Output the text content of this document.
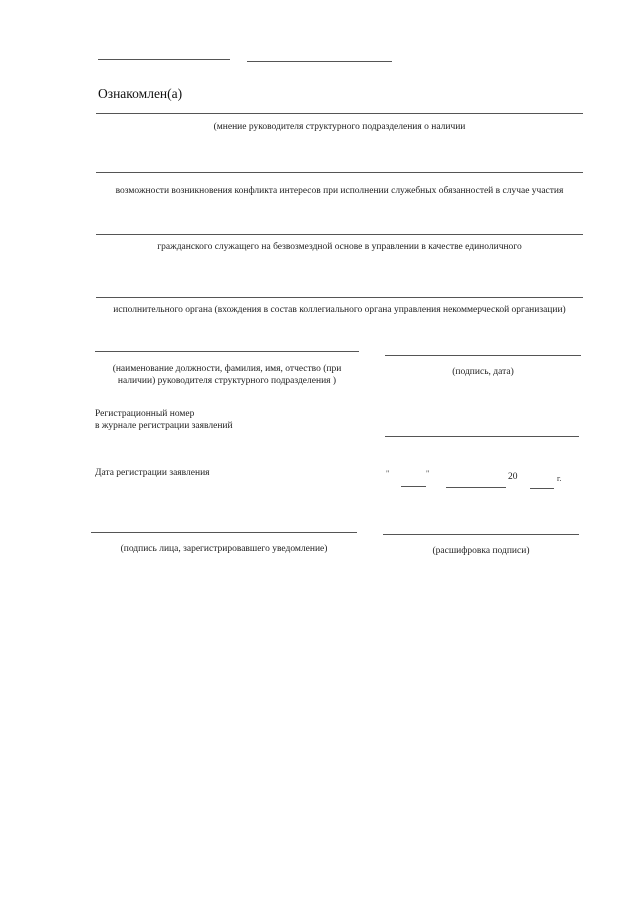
Ознакомлен(а)
(мнение руководителя структурного подразделения о наличии
возможности возникновения конфликта интересов при исполнении служебных обязанностей в случае участия
гражданского служащего на безвозмездной основе в управлении в качестве единоличного
исполнительного органа (вхождения в состав коллегиального органа управления некоммерческой организации)
(наименование должности, фамилия, имя, отчество (при
наличии) руководителя структурного подразделения )
(подпись, дата)
Регистрационный номер
в журнале регистрации заявлений
Дата регистрации заявления	"	"	20	г.
(подпись лица, зарегистрировавшего уведомление)	(расшифровка подписи)
